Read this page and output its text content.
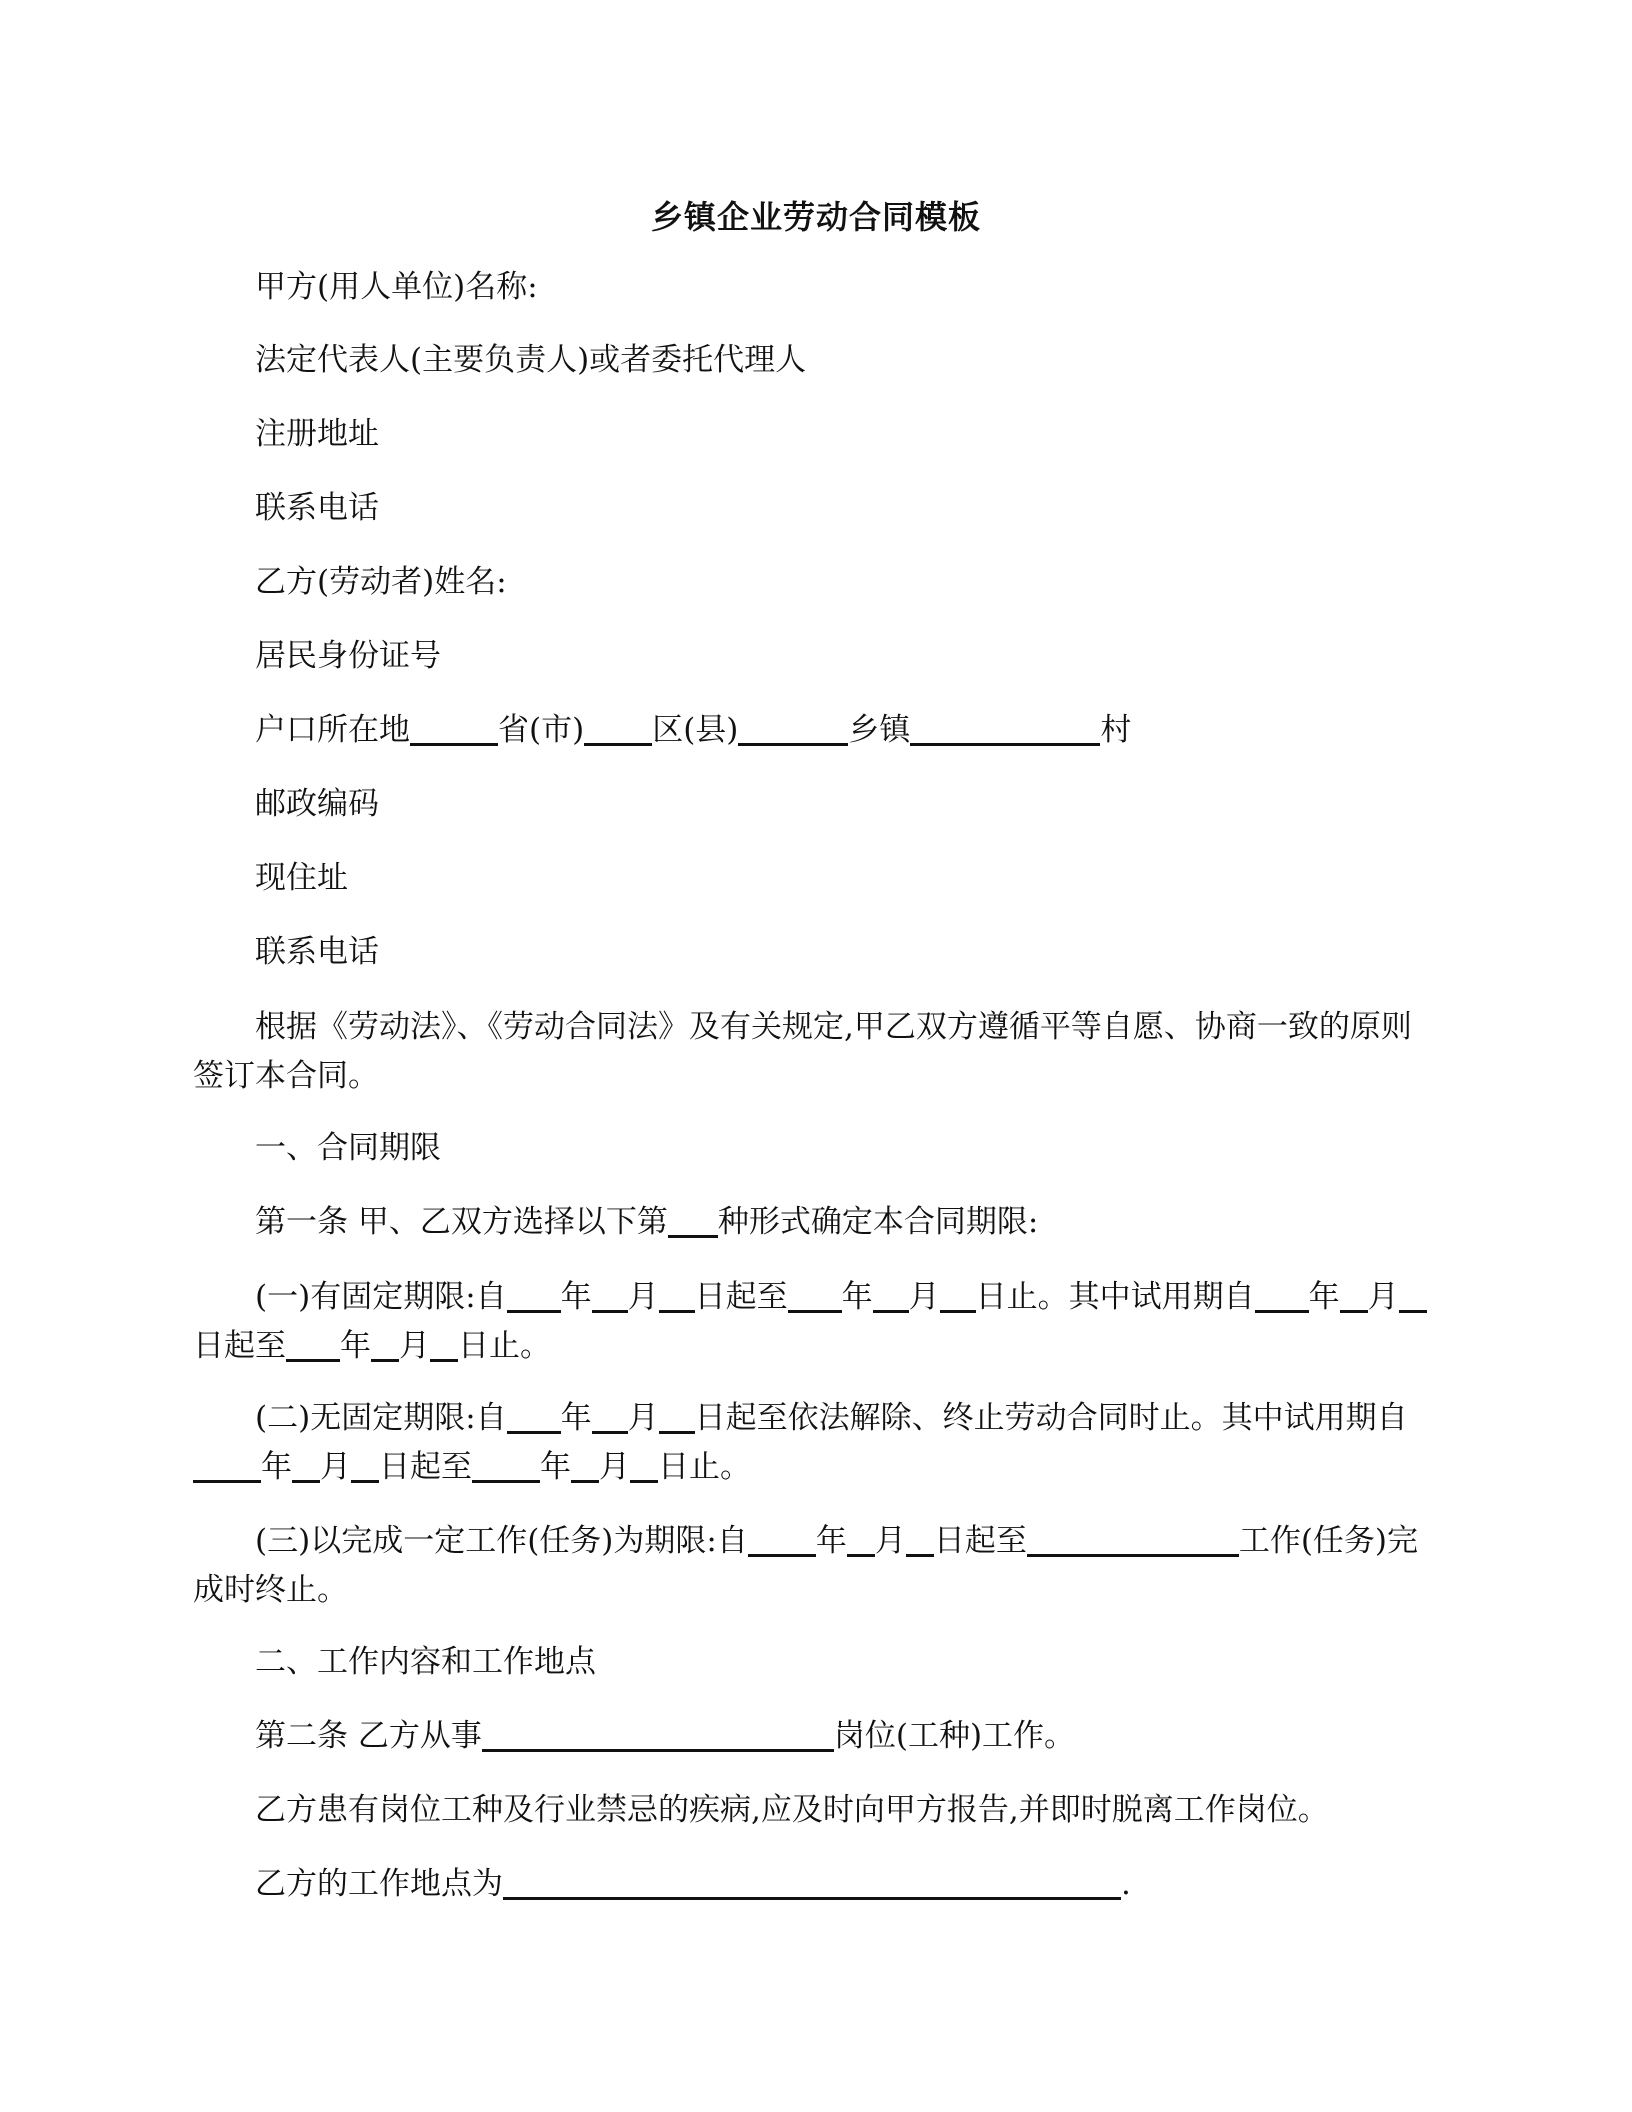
乡镇企业劳动合同模板
甲方(用人单位)名称:
法定代表人(主要负责人)或者委托代理人
注册地址
联系电话
乙方(劳动者)姓名:
居民身份证号
户口所在地	省(市) 区(县)	乡镇	村
邮政编码
现住址
联系电话
根据《劳动法》、《劳动合同法》及有关规定,甲乙双方遵循平等自愿、协商一致的原则签订本合同。
一、合同期限
第一条 甲、乙双方选择以下第 种形式确定本合同期限:
(一)有固定期限:自 年 月 日起至 年 月 日止。其中试用期自 年 月日起至 年 月 日止。
(二)无固定期限:自 年 月 日起至依法解除、终止劳动合同时止。其中试用期自年 月 日起至 年 月 日止。
(三)以完成一定工作(任务)为期限:自 年 月 日起至	工作(任务)完成时终止。
二、工作内容和工作地点
第二条 乙方从事	岗位(工种)工作。
乙方患有岗位工种及行业禁忌的疾病,应及时向甲方报告,并即时脱离工作岗位。
乙方的工作地点为	.
